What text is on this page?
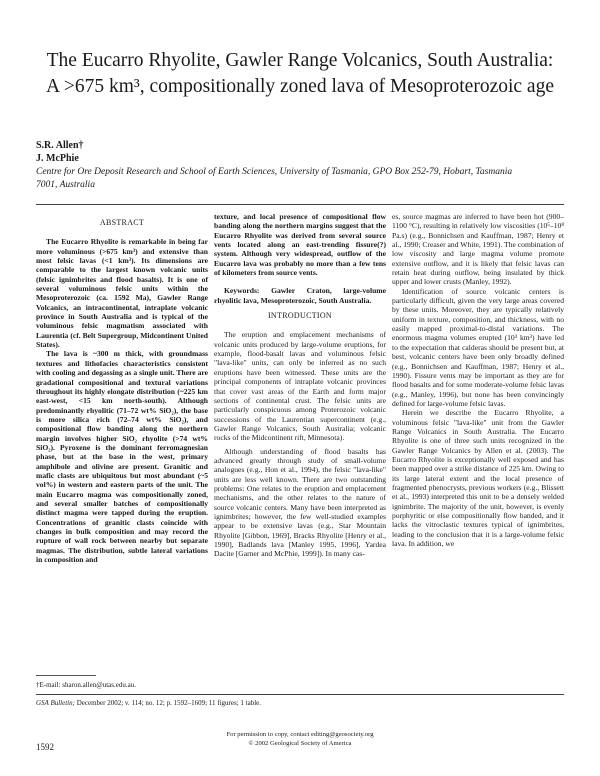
The Eucarro Rhyolite, Gawler Range Volcanics, South Australia:
A >675 km³, compositionally zoned lava of Mesoproterozoic age
S.R. Allen†
J. McPhie
Centre for Ore Deposit Research and School of Earth Sciences, University of Tasmania, GPO Box 252-79, Hobart, Tasmania
7001, Australia

ABSTRACT

The Eucarro Rhyolite is remarkable in being far more voluminous (>675 km³) and extensive than most felsic lavas (<1 km³). Its dimensions are comparable to the largest known volcanic units (felsic ignimbrites and flood basalts). It is one of several voluminous felsic units within the Mesoproterozoic (ca. 1592 Ma), Gawler Range Volcanics, an intracontinental, intraplate volcanic province in South Australia and is typical of the voluminous felsic magmatism associated with Laurentia (cf. Belt Supergroup, Midcontinent United States).

The lava is ~300 m thick, with groundmass textures and lithofacies characteristics consistent with cooling and degassing as a single unit. There are gradational compositional and textural variations throughout its highly elongate distribution (~225 km east-west, <15 km north-south). Although predominantly rhyolitic (71–72 wt% SiO₂), the base is more silica rich (72–74 wt% SiO₂), and compositional flow banding along the northern margin involves higher SiO₂ rhyolite (>74 wt% SiO₂). Pyroxene is the dominant ferromagnesian phase, but at the base in the west, primary amphibole and olivine are present. Granitic and mafic clasts are ubiquitous but most abundant (~5 vol%) in western and eastern parts of the unit. The main Eucarro magma was compositionally zoned, and several smaller batches of compositionally distinct magma were tapped during the eruption. Concentrations of granitic clasts coincide with changes in bulk composition and may record the rupture of wall rock between nearby but separate magmas. The distribution, subtle lateral variations in composition and

texture, and local presence of compositional flow banding along the northern margins suggest that the Eucarro Rhyolite was derived from several source vents located along an east-trending fissure(?) system. Although very widespread, outflow of the Eucarro lava was probably no more than a few tens of kilometers from source vents.

Keywords: Gawler Craton, large-volume rhyolitic lava, Mesoproterozoic, South Australia.

INTRODUCTION

The eruption and emplacement mechanisms of volcanic units produced by large-volume eruptions, for example, flood-basalt lavas and voluminous felsic "lava-like" units, can only be inferred as no such eruptions have been witnessed. These units are the principal components of intraplate volcanic provinces that cover vast areas of the Earth and form major sections of continental crust. The felsic units are particularly conspicuous among Proterozoic volcanic successions of the Laurentian supercontinent (e.g., Gawler Range Volcanics, South Australia; volcanic rocks of the Midcontinent rift, Minnesota).

Although understanding of flood basalts has advanced greatly through study of small-volume analogues (e.g., Hon et al., 1994), the felsic "lava-like" units are less well known. There are two outstanding problems: One relates to the eruption and emplacement mechanisms, and the other relates to the nature of source volcanic centers. Many have been interpreted as ignimbrites; however, the few well-studied examples appear to be extensive lavas (e.g., Star Mountain Rhyolite [Gibbon, 1969], Bracks Rhyolite [Henry et al., 1990], Badlands lava [Manley 1995, 1996], Yardea Dacite [Garner and McPhie, 1999]). In many cas-

es, source magmas are inferred to have been hot (900–1100 °C), resulting in relatively low viscosities (10⁵–10⁸ Pa.s) (e.g., Bonnichsen and Kauffman, 1987; Henry et al., 1990; Creaser and White, 1991). The combination of low viscosity and large magma volume promote extensive outflow, and it is likely that felsic lavas can retain heat during outflow, being insulated by thick upper and lower crusts (Manley, 1992).

Identification of source volcanic centers is particularly difficult, given the very large areas covered by these units. Moreover, they are typically relatively uniform in texture, composition, and thickness, with no easily mapped proximal-to-distal variations. The enormous magma volumes erupted (10³ km³) have led to the expectation that calderas should be present but, at best, volcanic centers have been only broadly defined (e.g., Bonnichsen and Kauffman, 1987; Henry et al., 1990). Fissure vents may be important as they are for flood basalts and for some moderate-volume felsic lavas (e.g., Manley, 1996), but none has been convincingly defined for large-volume felsic lavas.

Herein we describe the Eucarro Rhyolite, a voluminous felsic "lava-like" unit from the Gawler Range Volcanics in South Australia. The Eucarro Rhyolite is one of three such units recognized in the Gawler Range Volcanics by Allen et al. (2003). The Eucarro Rhyolite is exceptionally well exposed and has been mapped over a strike distance of 225 km. Owing to its large lateral extent and the local presence of fragmented phenocrysts, previous workers (e.g., Blissett et al., 1993) interpreted this unit to be a densely welded ignimbrite. The majority of the unit, however, is evenly porphyritic or else compositionally flow banded, and it lacks the vitroclastic textures typical of ignimbrites, leading to the conclusion that it is a large-volume felsic lava. In addition, we

†E-mail: sharon.allen@utas.edu.au.
GSA Bulletin; December 2002; v. 114; no. 12; p. 1592–1609; 11 figures; 1 table.
For permission to copy, contact editing@geosociety.org
© 2002 Geological Society of America
1592
